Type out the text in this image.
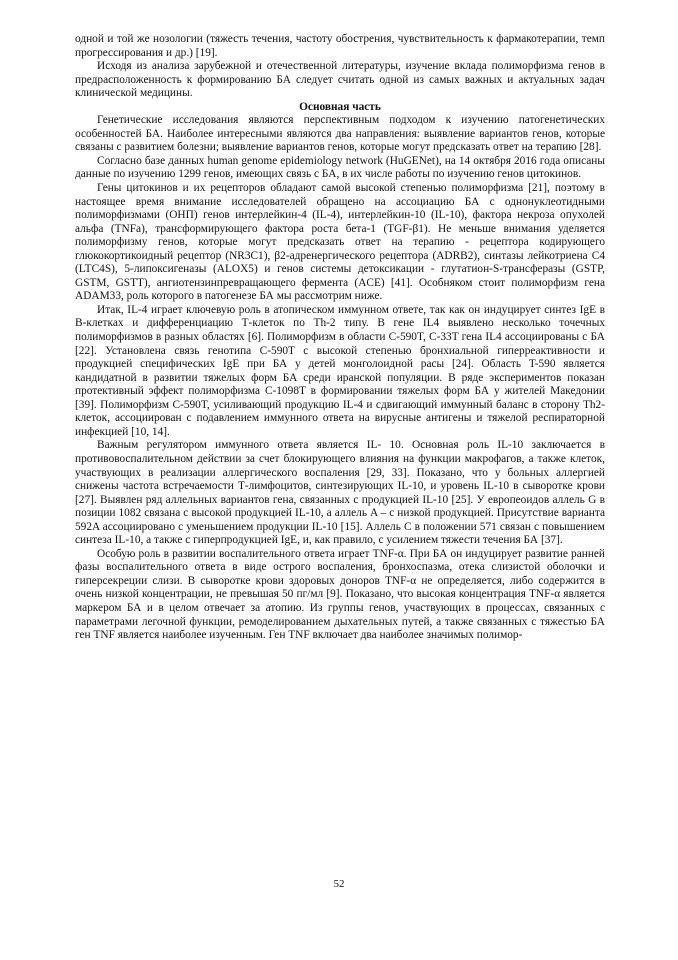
одной и той же нозологии (тяжесть течения, частоту обострения, чувствительность к фармакотерапии, темп прогрессирования и др.) [19].

Исходя из анализа зарубежной и отечественной литературы, изучение вклада полиморфизма генов в предрасположенность к формированию БА следует считать одной из самых важных и актуальных задач клинической медицины.

Основная часть

Генетические исследования являются перспективным подходом к изучению патогенетических особенностей БА. Наиболее интересными являются два направления: выявление вариантов генов, которые связаны с развитием болезни; выявление вариантов генов, которые могут предсказать ответ на терапию [28].

Согласно базе данных human genome epidemiology network (HuGENet), на 14 октября 2016 года описаны данные по изучению 1299 генов, имеющих связь с БА, в их числе работы по изучению генов цитокинов.

Гены цитокинов и их рецепторов обладают самой высокой степенью полиморфизма [21], поэтому в настоящее время внимание исследователей обращено на ассоциацию БА с однонуклеотидными полиморфизмами (ОНП) генов интерлейкин-4 (IL-4), интерлейкин-10 (IL-10), фактора некроза опухолей альфа (TNFa), трансформирующего фактора роста бета-1 (TGF-β1). Не меньше внимания уделяется полиморфизму генов, которые могут предсказать ответ на терапию - рецептора кодирующего глюкокортикоидный рецептор (NR3C1), β2-адренергического рецептора (ADRB2), синтазы лейкотриена C4 (LTC4S), 5-липоксигеназы (ALOX5) и генов системы детоксикации - глутатион-S-трансферазы (GSTP, GSTM, GSTT), ангиотензинпревращающего фермента (ACE) [41]. Особняком стоит полиморфизм гена ADAM33, роль которого в патогенезе БА мы рассмотрим ниже.

Итак, IL-4 играет ключевую роль в атопическом иммунном ответе, так как он индуцирует синтез IgE в В-клетках и дифференциацию Т-клеток по Th-2 типу. В гене IL4 выявлено несколько точечных полиморфизмов в разных областях [6]. Полиморфизм в области C-590T, C-33T гена IL4 ассоциированы с БА [22]. Установлена связь генотипа C-590T с высокой степенью бронхиальной гиперреактивности и продукцией специфических IgE при БА у детей монголоидной расы [24]. Область T-590 является кандидатной в развитии тяжелых форм БА среди иранской популяции. В ряде экспериментов показан протективный эффект полиморфизма C-1098T в формировании тяжелых форм БА у жителей Македонии [39]. Полиморфизм C-590T, усиливающий продукцию IL-4 и сдвигающий иммунный баланс в сторону Th2-клеток, ассоциирован с подавлением иммунного ответа на вирусные антигены и тяжелой респираторной инфекцией [10, 14].

Важным регулятором иммунного ответа является IL- 10. Основная роль IL-10 заключается в противовоспалительном действии за счет блокирующего влияния на функции макрофагов, а также клеток, участвующих в реализации аллергического воспаления [29, 33]. Показано, что у больных аллергией снижены частота встречаемости Т-лимфоцитов, синтезирующих IL-10, и уровень IL-10 в сыворотке крови [27]. Выявлен ряд аллельных вариантов гена, связанных с продукцией IL-10 [25]. У европеоидов аллель G в позиции 1082 связана с высокой продукцией IL-10, а аллель A – с низкой продукцией. Присутствие варианта 592A ассоциировано с уменьшением продукции IL-10 [15]. Аллель C в положении 571 связан с повышением синтеза IL-10, а также с гиперпродукцией IgE, и, как правило, с усилением тяжести течения БА [37].

Особую роль в развитии воспалительного ответа играет TNF-α. При БА он индуцирует развитие ранней фазы воспалительного ответа в виде острого воспаления, бронхоспазма, отека слизистой оболочки и гиперсекреции слизи. В сыворотке крови здоровых доноров TNF-α не определяется, либо содержится в очень низкой концентрации, не превышая 50 пг/мл [9]. Показано, что высокая концентрация TNF-α является маркером БА и в целом отвечает за атопию. Из группы генов, участвующих в процессах, связанных с параметрами легочной функции, ремоделированием дыхательных путей, а также связанных с тяжестью БА ген TNF является наиболее изученным. Ген TNF включает два наиболее значимых полимор-

52
